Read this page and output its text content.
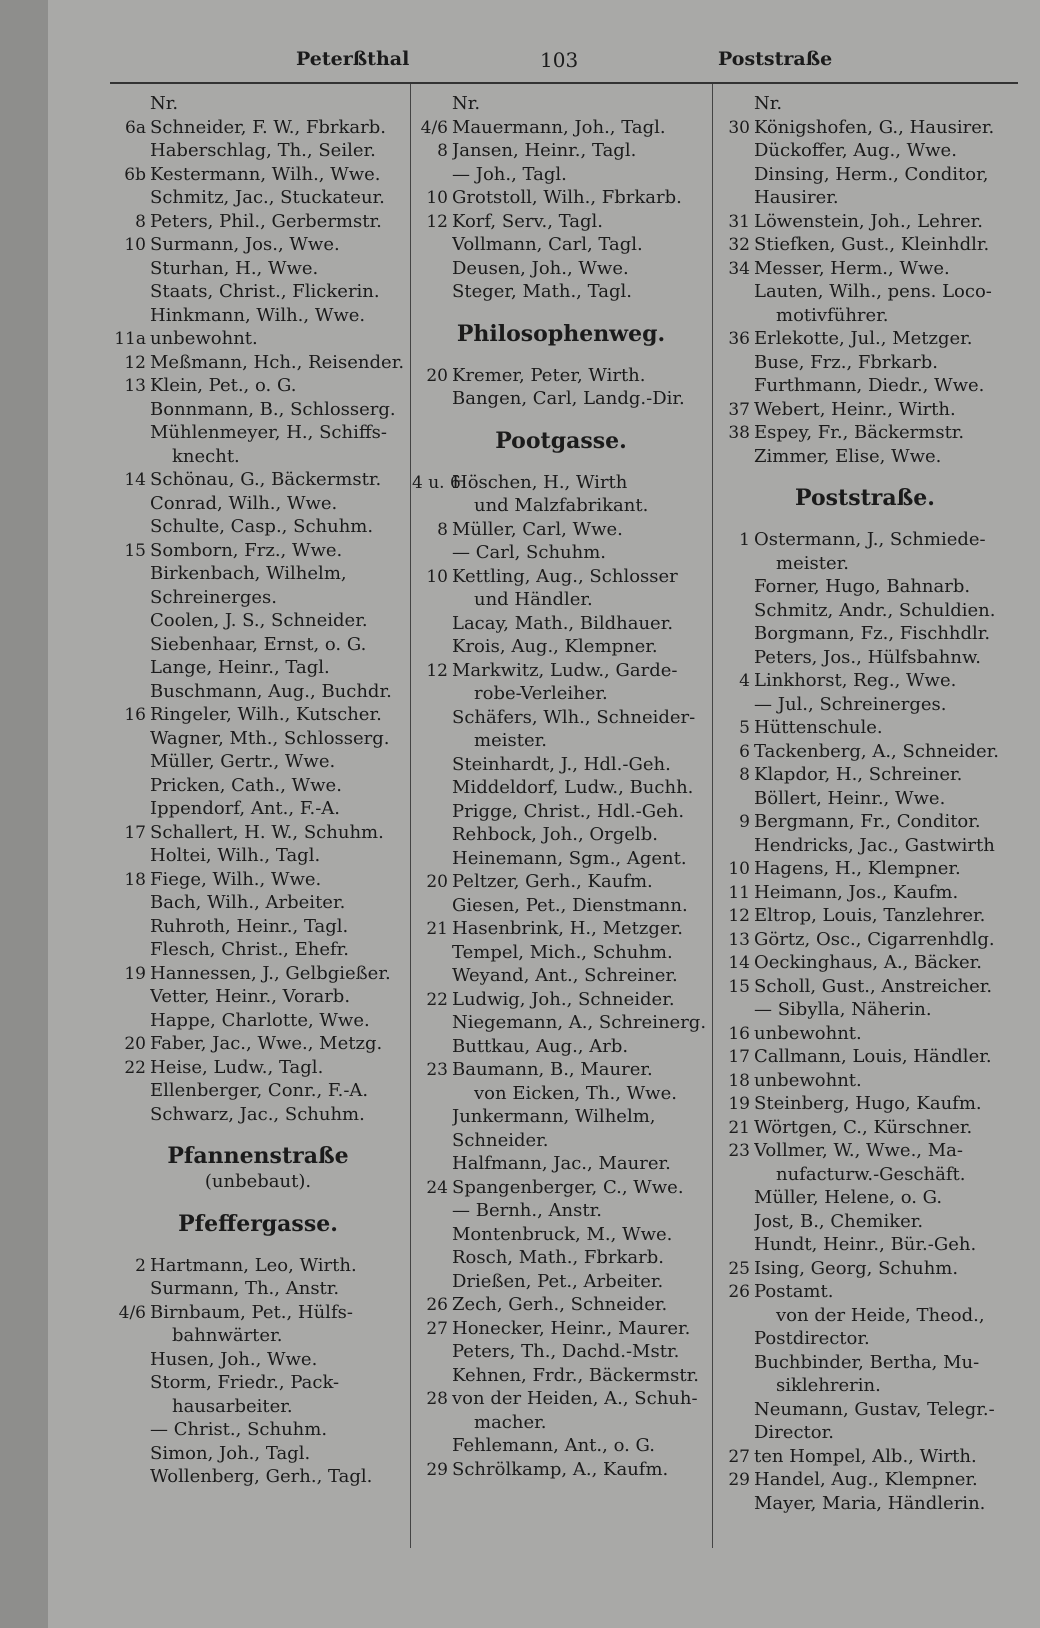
Peterßthal	103	Poststraße
Nr.
6a Schneider, F. W., Fbrkarb.
Haberschlag, Th., Seiler.
6b Kestermann, Wilh., Wwe.
Schmitz, Jac., Stuckateur.
8 Peters, Phil., Gerbermstr.
10 Surmann, Jos., Wwe.
Sturhan, H., Wwe.
Staats, Christ., Flickerin.
Hinkmann, Wilh., Wwe.
11a unbewohnt.
12 Meßmann, Hch., Reisender.
13 Klein, Pet., o. G.
Bonnmann, B., Schlosserg.
Mühlenmeyer, H., Schiffs-
knecht.
14 Schönau, G., Bäckermstr.
Conrad, Wilh., Wwe.
Schulte, Casp., Schuhm.
15 Somborn, Frz., Wwe.
Birkenbach, Wilhelm,
Schreinerges.
Coolen, J. S., Schneider.
Siebenhaar, Ernst, o. G.
Lange, Heinr., Tagl.
Buschmann, Aug., Buchdr.
16 Ringeler, Wilh., Kutscher.
Wagner, Mth., Schlosserg.
Müller, Gertr., Wwe.
Pricken, Cath., Wwe.
Ippendorf, Ant., F.-A.
17 Schallert, H. W., Schuhm.
Holtei, Wilh., Tagl.
18 Fiege, Wilh., Wwe.
Bach, Wilh., Arbeiter.
Ruhroth, Heinr., Tagl.
Flesch, Christ., Ehefr.
19 Hannessen, J., Gelbgießer.
Vetter, Heinr., Vorarb.
Happe, Charlotte, Wwe.
20 Faber, Jac., Wwe., Metzg.
22 Heise, Ludw., Tagl.
Ellenberger, Conr., F.-A.
Schwarz, Jac., Schuhm.
Pfannenstraße
(unbebaut).
Pfeffergasse.
2 Hartmann, Leo, Wirth.
Surmann, Th., Anstr.
4/6 Birnbaum, Pet., Hülfs-
bahnwärter.
Husen, Joh., Wwe.
Storm, Friedr., Pack-
hausarbeiter.
— Christ., Schuhm.
Simon, Joh., Tagl.
Wollenberg, Gerh., Tagl.
Nr.
4/6 Mauermann, Joh., Tagl.
8 Jansen, Heinr., Tagl.
— Joh., Tagl.
10 Grotstoll, Wilh., Fbrkarb.
12 Korf, Serv., Tagl.
Vollmann, Carl, Tagl.
Deusen, Joh., Wwe.
Steger, Math., Tagl.
Philosophenweg.
20 Kremer, Peter, Wirth.
Bangen, Carl, Landg.-Dir.
Pootgasse.
4 u. 6
Höschen, H., Wirth
und Malzfabrikant.
8 Müller, Carl, Wwe.
— Carl, Schuhm.
10 Kettling, Aug., Schlosser
und Händler.
Lacay, Math., Bildhauer.
Krois, Aug., Klempner.
12 Markwitz, Ludw., Garde-
robe-Verleiher.
Schäfers, Wlh., Schneider-
meister.
Steinhardt, J., Hdl.-Geh.
Middeldorf, Ludw., Buchh.
Prigge, Christ., Hdl.-Geh.
Rehbock, Joh., Orgelb.
Heinemann, Sgm., Agent.
20 Peltzer, Gerh., Kaufm.
Giesen, Pet., Dienstmann.
21 Hasenbrink, H., Metzger.
Tempel, Mich., Schuhm.
Weyand, Ant., Schreiner.
22 Ludwig, Joh., Schneider.
Niegemann, A., Schreinerg.
Buttkau, Aug., Arb.
23 Baumann, B., Maurer.
von Eicken, Th., Wwe.
Junkermann, Wilhelm,
Schneider.
Halfmann, Jac., Maurer.
24 Spangenberger, C., Wwe.
— Bernh., Anstr.
Montenbruck, M., Wwe.
Rosch, Math., Fbrkarb.
Drießen, Pet., Arbeiter.
26 Zech, Gerh., Schneider.
27 Honecker, Heinr., Maurer.
Peters, Th., Dachd.-Mstr.
Kehnen, Frdr., Bäckermstr.
28 von der Heiden, A., Schuh-
macher.
Fehlemann, Ant., o. G.
29 Schrölkamp, A., Kaufm.
Nr.
30 Königshofen, G., Hausirer.
Dückoffer, Aug., Wwe.
Dinsing, Herm., Conditor,
Hausirer.
31 Löwenstein, Joh., Lehrer.
32 Stiefken, Gust., Kleinhdlr.
34 Messer, Herm., Wwe.
Lauten, Wilh., pens. Loco-
motivführer.
36 Erlekotte, Jul., Metzger.
Buse, Frz., Fbrkarb.
Furthmann, Diedr., Wwe.
37 Webert, Heinr., Wirth.
38 Espey, Fr., Bäckermstr.
Zimmer, Elise, Wwe.
Poststraße.
1 Ostermann, J., Schmiede-
meister.
Forner, Hugo, Bahnarb.
Schmitz, Andr., Schuldien.
Borgmann, Fz., Fischhdlr.
Peters, Jos., Hülfsbahnw.
4 Linkhorst, Reg., Wwe.
— Jul., Schreinerges.
5 Hüttenschule.
6 Tackenberg, A., Schneider.
8 Klapdor, H., Schreiner.
Böllert, Heinr., Wwe.
9 Bergmann, Fr., Conditor.
Hendricks, Jac., Gastwirth
10 Hagens, H., Klempner.
11 Heimann, Jos., Kaufm.
12 Eltrop, Louis, Tanzlehrer.
13 Görtz, Osc., Cigarrenhdlg.
14 Oeckinghaus, A., Bäcker.
15 Scholl, Gust., Anstreicher.
— Sibylla, Näherin.
16 unbewohnt.
17 Callmann, Louis, Händler.
18 unbewohnt.
19 Steinberg, Hugo, Kaufm.
21 Wörtgen, C., Kürschner.
23 Vollmer, W., Wwe., Ma-
nufacturw.-Geschäft.
Müller, Helene, o. G.
Jost, B., Chemiker.
Hundt, Heinr., Bür.-Geh.
25 Ising, Georg, Schuhm.
26 Postamt.
von der Heide, Theod.,
Postdirector.
Buchbinder, Bertha, Mu-
siklehrerin.
Neumann, Gustav, Telegr.-
Director.
27 ten Hompel, Alb., Wirth.
29 Handel, Aug., Klempner.
Mayer, Maria, Händlerin.
